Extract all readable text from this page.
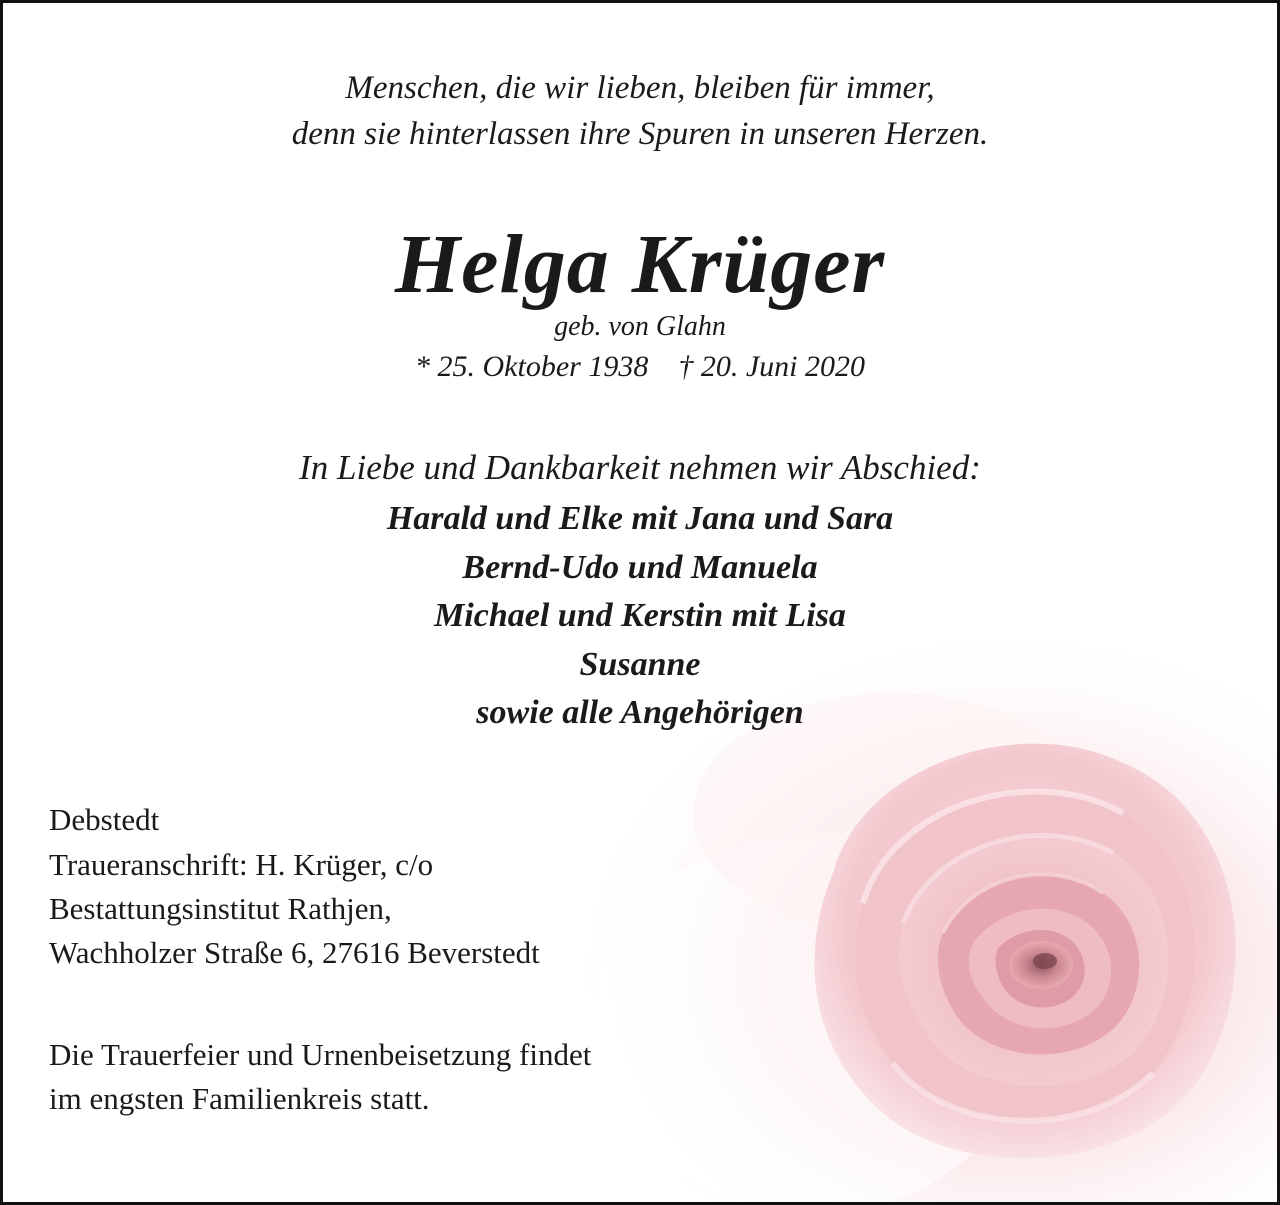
Menschen, die wir lieben, bleiben für immer,
denn sie hinterlassen ihre Spuren in unseren Herzen.
Helga Krüger
geb. von Glahn
* 25. Oktober 1938 † 20. Juni 2020
In Liebe und Dankbarkeit nehmen wir Abschied:
Harald und Elke mit Jana und Sara
Bernd-Udo und Manuela
Michael und Kerstin mit Lisa
Susanne
sowie alle Angehörigen
Debstedt
Traueranschrift: H. Krüger, c/o
Bestattungsinstitut Rathjen,
Wachholzer Straße 6, 27616 Beverstedt
Die Trauerfeier und Urnenbeisetzung findet
im engsten Familienkreis statt.
